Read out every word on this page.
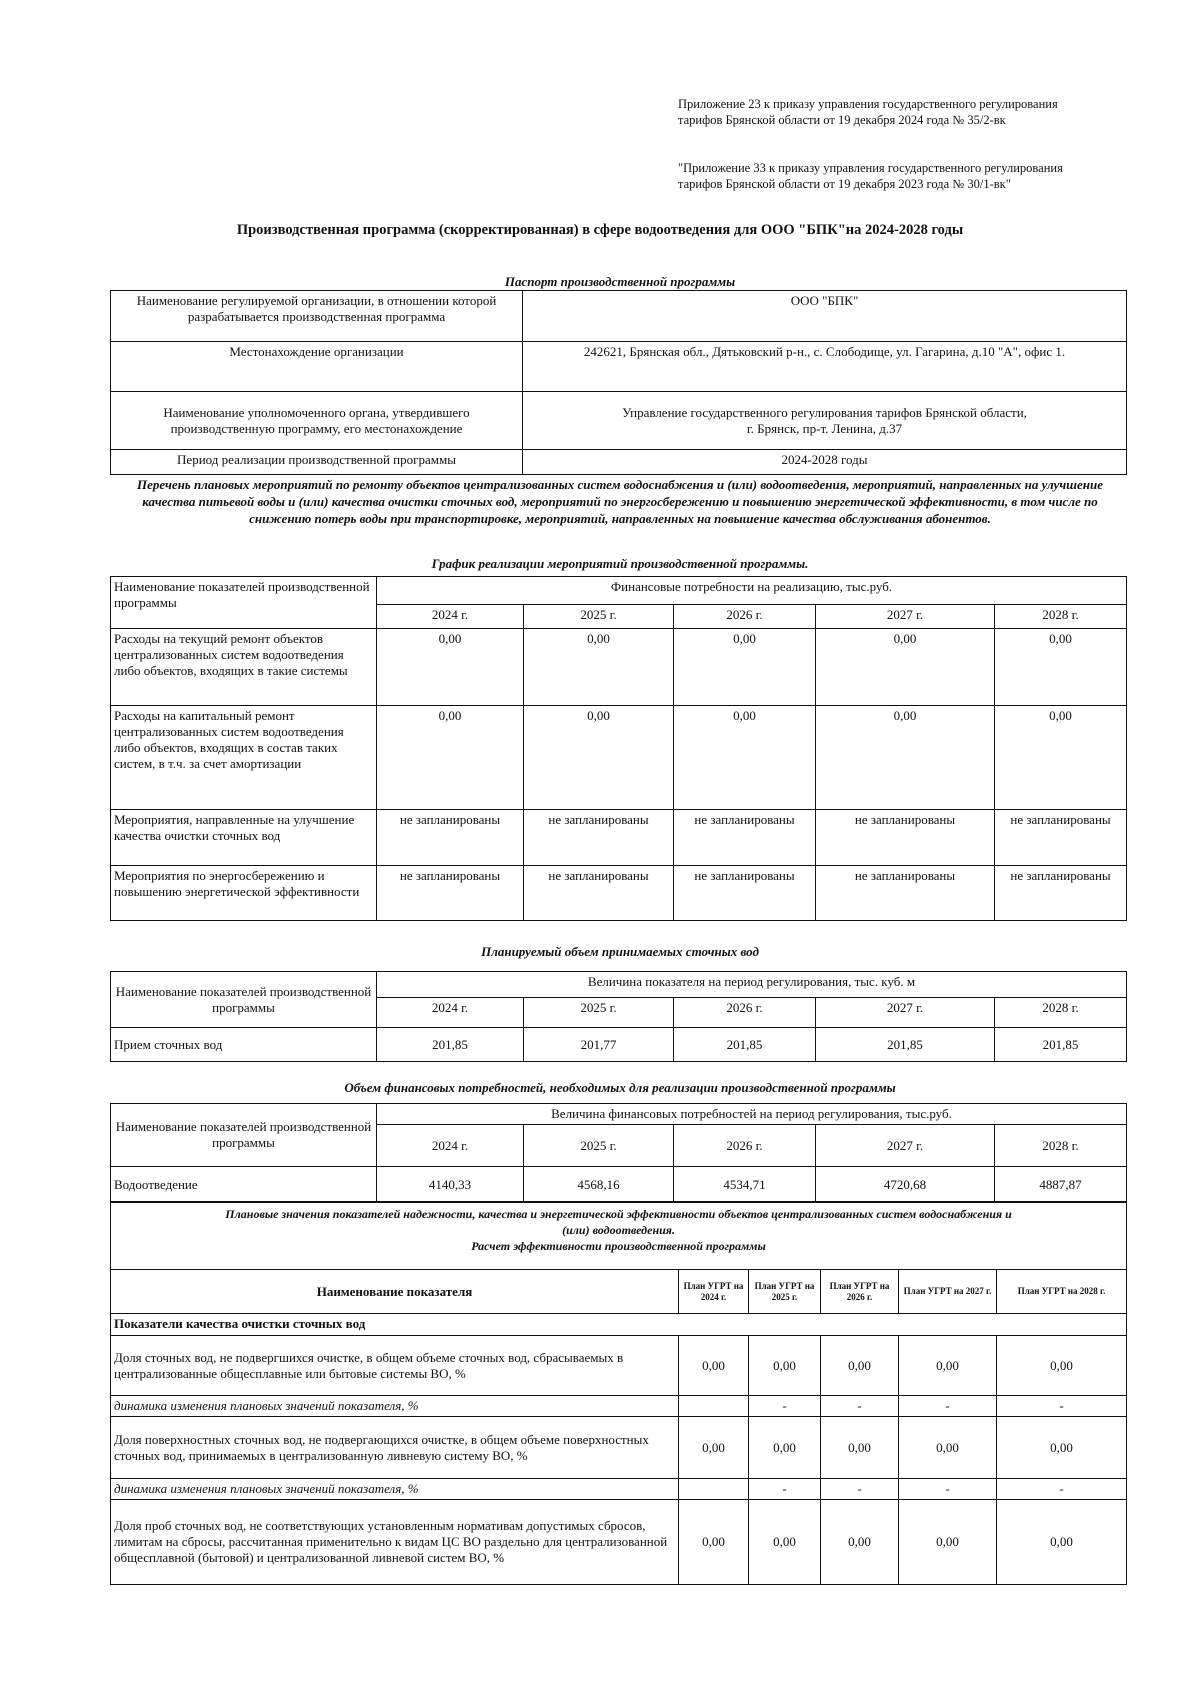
Приложение 23 к приказу управления государственного регулирования тарифов Брянской области от 19 декабря 2024 года № 35/2-вк
"Приложение 33 к приказу управления государственного регулирования тарифов Брянской области от 19 декабря 2023 года № 30/1-вк"
Производственная программа (скорректированная) в сфере водоотведения для ООО "БПК"на 2024-2028 годы
Паспорт производственной программы
Наименование регулируемой организации, в отношении которой разрабатывается производственная программа	ООО "БПК"
Местонахождение организации	242621, Брянская обл., Дятьковский р-н., с. Слободище, ул. Гагарина, д.10 "А", офис 1.
Наименование уполномоченного органа, утвердившего производственную программу, его местонахождение	Управление государственного регулирования тарифов Брянской области,
г. Брянск, пр-т. Ленина, д.37

Период реализации производственной программы	2024-2028 годы
Перечень плановых мероприятий по ремонту объектов централизованных систем водоснабжения и (или) водоотведения, мероприятий, направленных на улучшение качества питьевой воды и (или) качества очистки сточных вод, мероприятий по энергосбережению и повышению энергетической эффективности, в том числе по снижению потерь воды при транспортировке, мероприятий, направленных на повышение качества обслуживания абонентов.
График реализации мероприятий производственной программы.
Наименование показателей производственной программы	Финансовые потребности на реализацию, тыс.руб.				
	2024 г.	2025 г.	2026 г.	2027 г.	2028 г.
Расходы на текущий ремонт объектов централизованных систем водоотведения либо объектов, входящих в такие системы	0,00	0,00	0,00	0,00	0,00
Расходы на капитальный ремонт централизованных систем водоотведения либо объектов, входящих в состав таких систем, в т.ч. за счет амортизации	0,00	0,00	0,00	0,00	0,00
Мероприятия, направленные на улучшение качества очистки сточных вод	не запланированы	не запланированы	не запланированы	не запланированы	не запланированы
Мероприятия по энергосбережению и повышению энергетической эффективности	не запланированы	не запланированы	не запланированы	не запланированы	не запланированы
Планируемый объем принимаемых сточных вод
Наименование показателей производственной программы	Величина показателя на период регулирования, тыс. куб. м				
	2024 г.	2025 г.	2026 г.	2027 г.	2028 г.
Прием сточных вод	201,85	201,77	201,85	201,85	201,85
Объем финансовых потребностей, необходимых для реализации производственной программы
Наименование показателей производственной программы	Величина финансовых потребностей на период регулирования, тыс.руб.				
	2024 г.	2025 г.	2026 г.	2027 г.	2028 г.
Водоотведение	4140,33	4568,16	4534,71	4720,68	4887,87
Плановые значения показателей надежности, качества и энергетической эффективности объектов централизованных систем водоснабжения и
(или) водоотведения.
Расчет эффективности производственной программы					

Наименование показателя	План УГРТ на 2024 г.	План УГРТ на 2025 г.	План УГРТ на 2026 г.	План УГРТ на 2027 г.	План УГРТ на 2028 г.
Показатели качества очистки сточных вод					
Доля сточных вод, не подвергшихся очистке, в общем объеме сточных вод, сбрасываемых в централизованные общесплавные или бытовые системы ВО, %	0,00	0,00	0,00	0,00	0,00
динамика изменения плановых значений показателя, %		-	-	-	-
Доля поверхностных сточных вод, не подвергающихся очистке, в общем объеме поверхностных сточных вод, принимаемых в централизованную ливневую систему ВО, %	0,00	0,00	0,00	0,00	0,00
динамика изменения плановых значений показателя, %		-	-	-	-
Доля проб сточных вод, не соответствующих установленным нормативам допустимых сбросов, лимитам на сбросы, рассчитанная применительно к видам ЦС ВО раздельно для централизованной общесплавной (бытовой) и централизованной ливневой систем ВО, %	0,00	0,00	0,00	0,00	0,00
